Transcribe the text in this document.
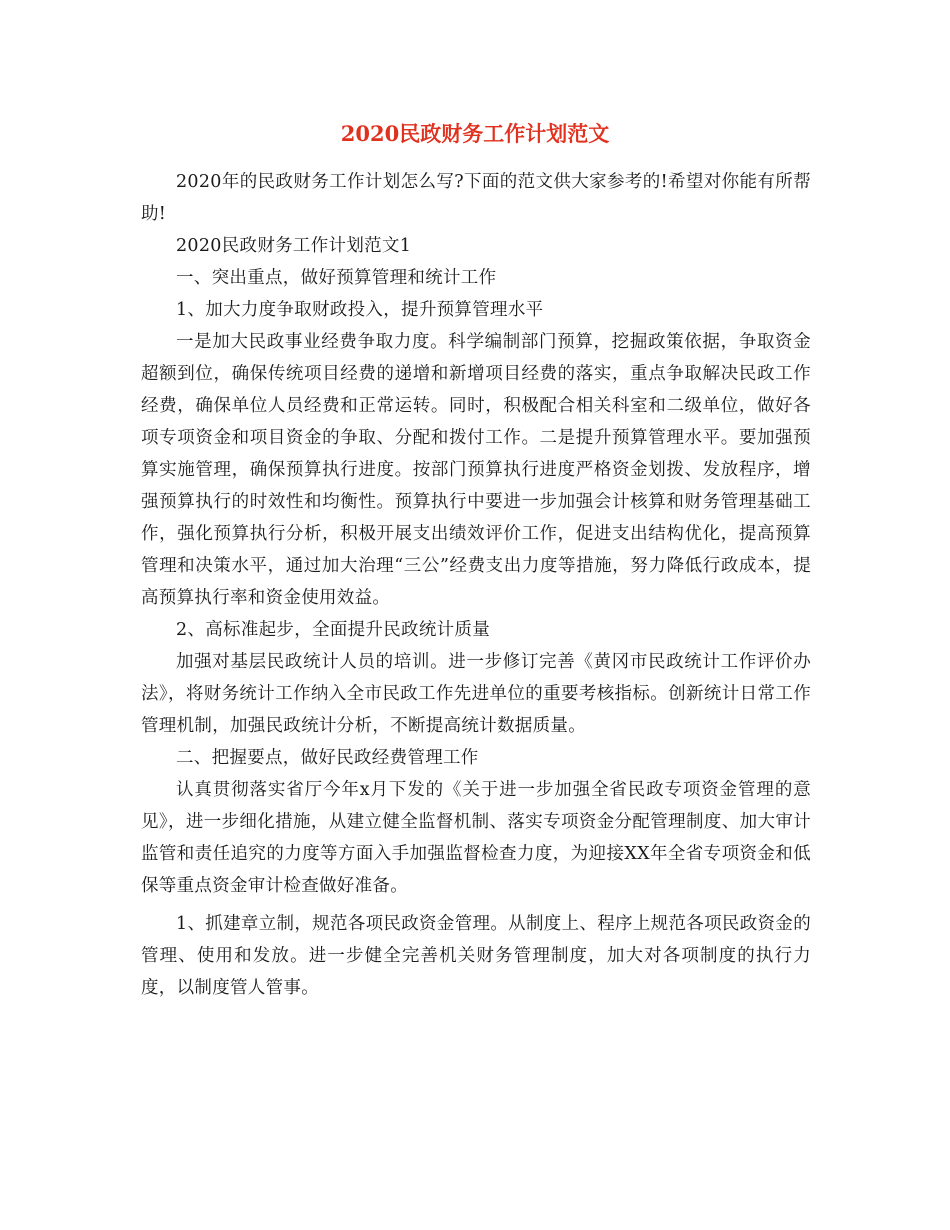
2020民政财务工作计划范文

2020年的民政财务工作计划怎么写?下面的范文供大家参考的!希望对你能有所帮助!

2020民政财务工作计划范文1

一、突出重点，做好预算管理和统计工作

1、加大力度争取财政投入，提升预算管理水平

一是加大民政事业经费争取力度。科学编制部门预算，挖掘政策依据，争取资金超额到位，确保传统项目经费的递增和新增项目经费的落实，重点争取解决民政工作经费，确保单位人员经费和正常运转。同时，积极配合相关科室和二级单位，做好各项专项资金和项目资金的争取、分配和拨付工作。二是提升预算管理水平。要加强预算实施管理，确保预算执行进度。按部门预算执行进度严格资金划拨、发放程序，增强预算执行的时效性和均衡性。预算执行中要进一步加强会计核算和财务管理基础工作，强化预算执行分析，积极开展支出绩效评价工作，促进支出结构优化，提高预算管理和决策水平，通过加大治理“三公”经费支出力度等措施，努力降低行政成本，提高预算执行率和资金使用效益。

2、高标准起步，全面提升民政统计质量

加强对基层民政统计人员的培训。进一步修订完善《黄冈市民政统计工作评价办法》，将财务统计工作纳入全市民政工作先进单位的重要考核指标。创新统计日常工作管理机制，加强民政统计分析，不断提高统计数据质量。

二、把握要点，做好民政经费管理工作

认真贯彻落实省厅今年x月下发的《关于进一步加强全省民政专项资金管理的意见》，进一步细化措施，从建立健全监督机制、落实专项资金分配管理制度、加大审计监管和责任追究的力度等方面入手加强监督检查力度，为迎接XX年全省专项资金和低保等重点资金审计检查做好准备。

1、抓建章立制，规范各项民政资金管理。从制度上、程序上规范各项民政资金的管理、使用和发放。进一步健全完善机关财务管理制度，加大对各项制度的执行力度，以制度管人管事。
